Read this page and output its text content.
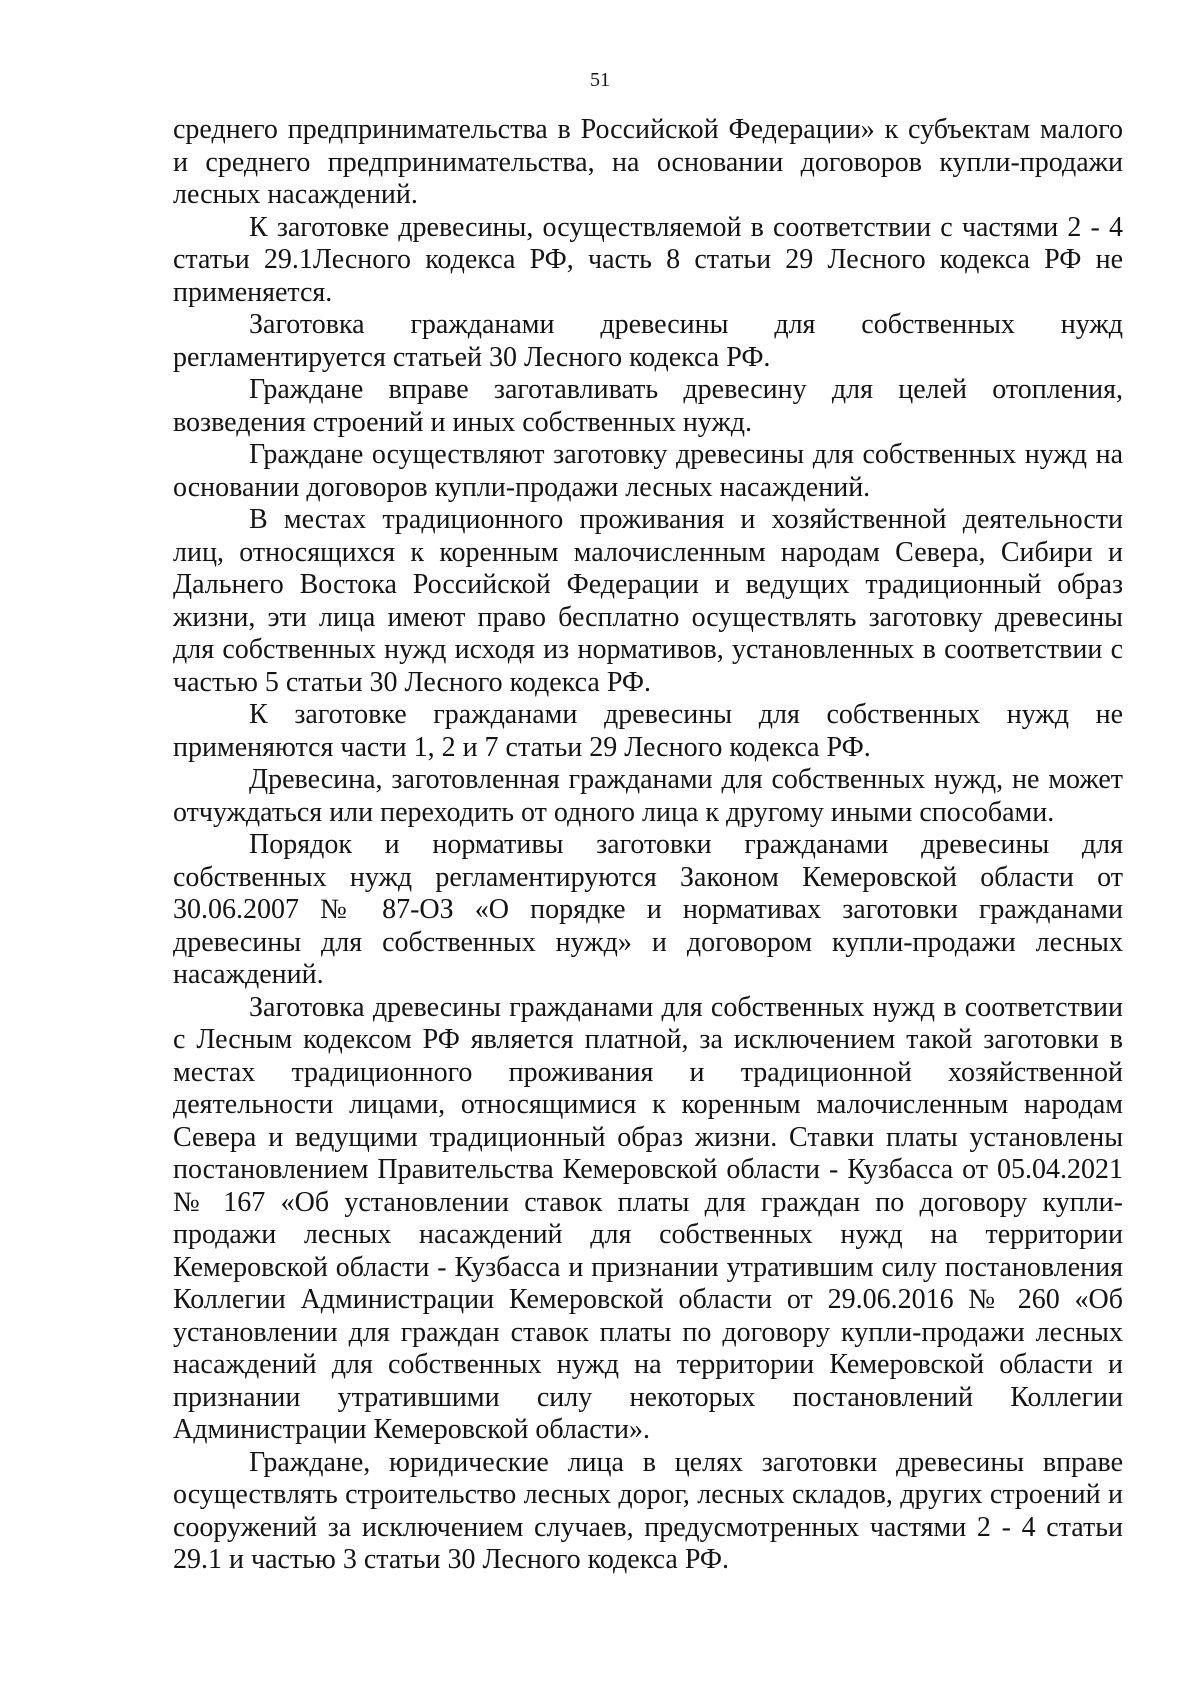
51

среднего предпринимательства в Российской Федерации» к субъектам малого и среднего предпринимательства, на основании договоров купли-продажи лесных насаждений.

К заготовке древесины, осуществляемой в соответствии с частями 2 - 4 статьи 29.1Лесного кодекса РФ, часть 8 статьи 29 Лесного кодекса РФ не применяется.

Заготовка гражданами древесины для собственных нужд регламентируется статьей 30 Лесного кодекса РФ.

Граждане вправе заготавливать древесину для целей отопления, возведения строений и иных собственных нужд.

Граждане осуществляют заготовку древесины для собственных нужд на основании договоров купли-продажи лесных насаждений.

В местах традиционного проживания и хозяйственной деятельности лиц, относящихся к коренным малочисленным народам Севера, Сибири и Дальнего Востока Российской Федерации и ведущих традиционный образ жизни, эти лица имеют право бесплатно осуществлять заготовку древесины для собственных нужд исходя из нормативов, установленных в соответствии с частью 5 статьи 30 Лесного кодекса РФ.

К заготовке гражданами древесины для собственных нужд не применяются части 1, 2 и 7 статьи 29 Лесного кодекса РФ.

Древесина, заготовленная гражданами для собственных нужд, не может отчуждаться или переходить от одного лица к другому иными способами.

Порядок и нормативы заготовки гражданами древесины для собственных нужд регламентируются Законом Кемеровской области от 30.06.2007 № 87-ОЗ «О порядке и нормативах заготовки гражданами древесины для собственных нужд» и договором купли-продажи лесных насаждений.

Заготовка древесины гражданами для собственных нужд в соответствии с Лесным кодексом РФ является платной, за исключением такой заготовки в местах традиционного проживания и традиционной хозяйственной деятельности лицами, относящимися к коренным малочисленным народам Севера и ведущими традиционный образ жизни. Ставки платы установлены постановлением Правительства Кемеровской области - Кузбасса от 05.04.2021 № 167 «Об установлении ставок платы для граждан по договору купли-продажи лесных насаждений для собственных нужд на территории Кемеровской области - Кузбасса и признании утратившим силу постановления Коллегии Администрации Кемеровской области от 29.06.2016 № 260 «Об установлении для граждан ставок платы по договору купли-продажи лесных насаждений для собственных нужд на территории Кемеровской области и признании утратившими силу некоторых постановлений Коллегии Администрации Кемеровской области».

Граждане, юридические лица в целях заготовки древесины вправе осуществлять строительство лесных дорог, лесных складов, других строений и сооружений за исключением случаев, предусмотренных частями 2 - 4 статьи 29.1 и частью 3 статьи 30 Лесного кодекса РФ.
